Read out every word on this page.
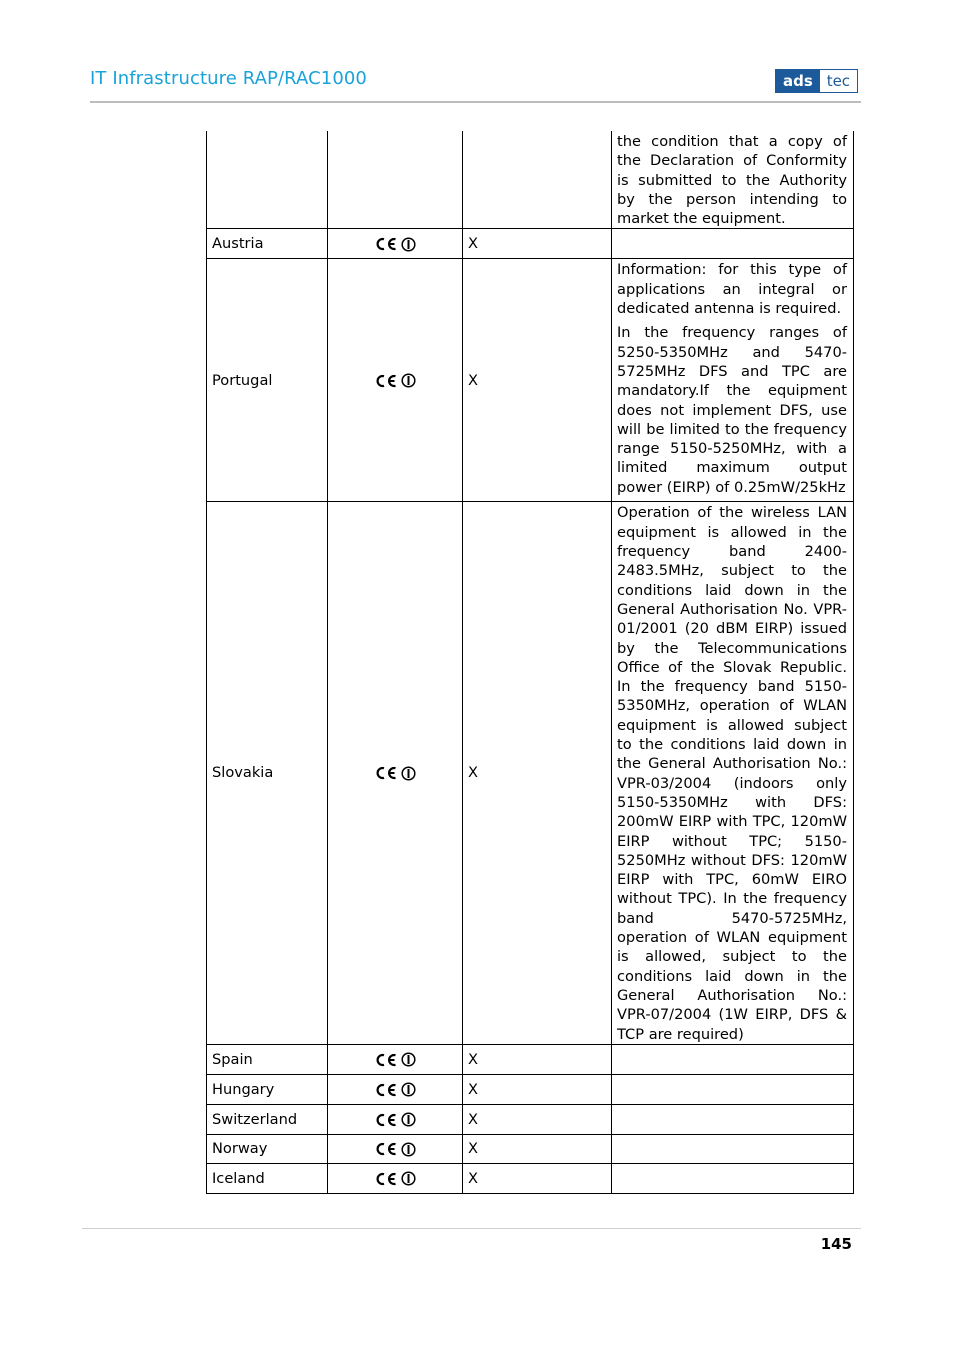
IT Infrastructure RAP/RAC1000	ads tec

			the condition that a copy of the Declaration of Conformity is submitted to the Authority by the person intending to market the equipment.

Austria		X	
Portugal		X	Information: for this type of applications an integral or dedicated antenna is required.

In the frequency ranges of 5250-5350MHz and 5470-5725MHz DFS and TPC are mandatory.If the equipment does not implement DFS, use will be limited to the frequency range 5150-5250MHz, with a limited maximum output power (EIRP) of 0.25mW/25kHz

Slovakia		X	Operation of the wireless LAN equipment is allowed in the frequency band 2400-2483.5MHz, subject to the conditions laid down in the General Authorisation No. VPR-01/2001 (20 dBM EIRP) issued by the Telecommunications Office of the Slovak Republic. In the frequency band 5150-5350MHz, operation of WLAN equipment is allowed subject to the conditions laid down in the General Authorisation No.: VPR-03/2004 (indoors only 5150-5350MHz with DFS: 200mW EIRP with TPC, 120mW EIRP without TPC; 5150-5250MHz without DFS: 120mW EIRP with TPC, 60mW EIRO without TPC). In the frequency band 5470-5725MHz, operation of WLAN equipment is allowed, subject to the conditions laid down in the General Authorisation No.: VPR-07/2004 (1W EIRP, DFS & TCP are required)

Spain		X	
Hungary		X	
Switzerland		X	
Norway		X	
Iceland		X	
145
